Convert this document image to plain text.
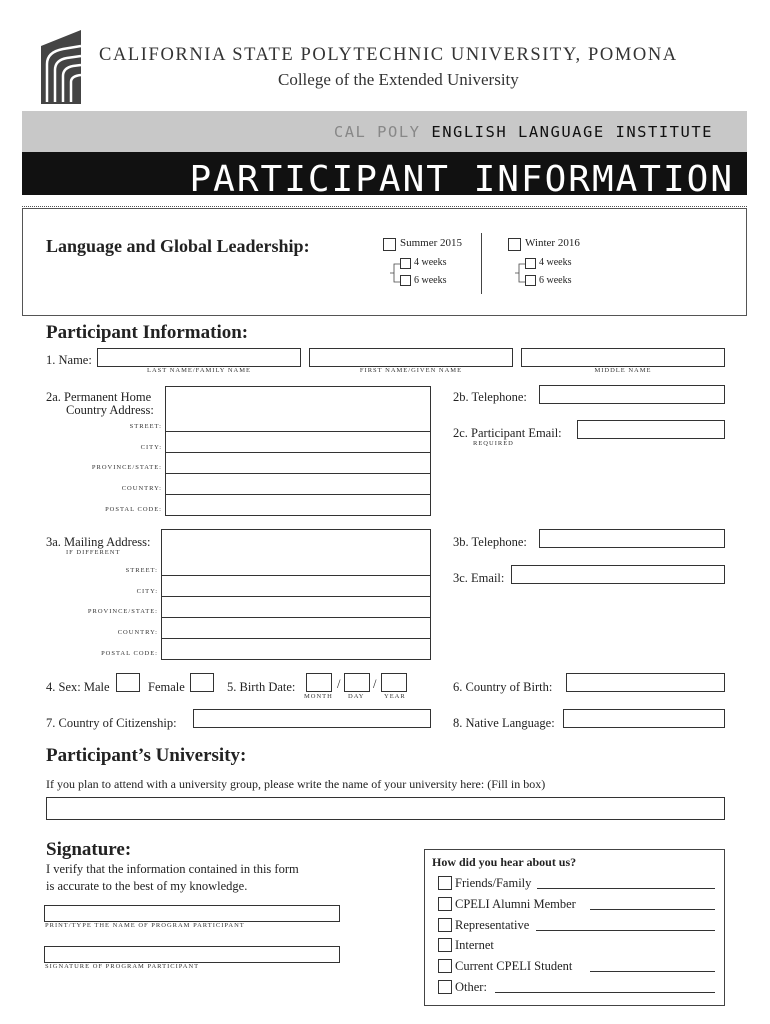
CALIFORNIA STATE POLYTECHNIC UNIVERSITY, POMONA
College of the Extended University
CAL POLY ENGLISH LANGUAGE INSTITUTE
PARTICIPANT INFORMATION
Language and Global Leadership:	Summer 2015
4 weeks
6 weeks
Winter 2016
4 weeks
6 weeks
Participant Information:
1. Name:
LAST NAME/FAMILY NAME	FIRST NAME/GIVEN NAME	MIDDLE NAME
2a. Permanent Home
Country Address:
STREET:
CITY:
PROVINCE/STATE:
COUNTRY:
POSTAL CODE:
2b. Telephone:
2c. Participant Email:
REQUIRED
3a. Mailing Address:
IF DIFFERENT
STREET:
CITY:
PROVINCE/STATE:
COUNTRY:
POSTAL CODE:
3b. Telephone:
3c. Email:
4. Sex: Male	Female	5. Birth Date:	/	/
MONTH DAY	YEAR
6. Country of Birth:
7. Country of Citizenship:	8. Native Language:
Participant’s University:
If you plan to attend with a university group, please write the name of your university here: (Fill in box)
Signature:
I verify that the information contained in this form
is accurate to the best of my knowledge.
PRINT/TYPE THE NAME OF PROGRAM PARTICIPANT
SIGNATURE OF PROGRAM PARTICIPANT
How did you hear about us?
Friends/Family
CPELI Alumni Member
Representative
Internet
Current CPELI Student
Other:
